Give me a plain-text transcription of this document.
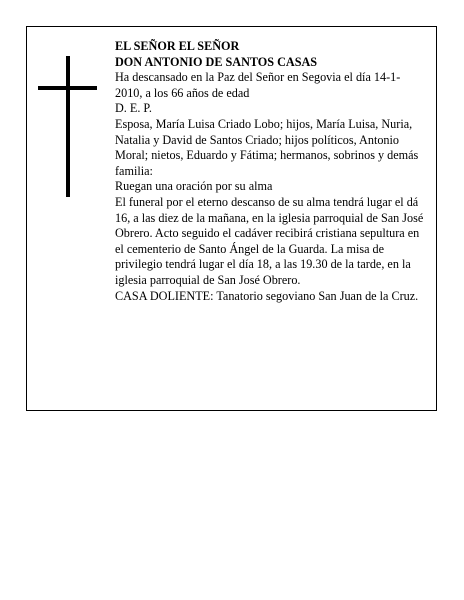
EL SEÑOR EL SEÑOR

DON ANTONIO DE SANTOS CASAS

Ha descansado en la Paz del Señor en Segovia el día 14-1-2010, a los 66 años de edad

D. E. P.

Esposa, María Luisa Criado Lobo; hijos, María Luisa, Nuria, Natalia y David de Santos Criado; hijos políticos, Antonio Moral; nietos, Eduardo y Fátima; hermanos, sobrinos y demás familia:

Ruegan una oración por su alma

El funeral por el eterno descanso de su alma tendrá lugar el dá 16, a las diez de la mañana, en la iglesia parroquial de San José Obrero. Acto seguido el cadáver recibirá cristiana sepultura en el cementerio de Santo Ángel de la Guarda. La misa de privilegio tendrá lugar el día 18, a las 19.30 de la tarde, en la iglesia parroquial de San José Obrero.

CASA DOLIENTE: Tanatorio segoviano San Juan de la Cruz.
